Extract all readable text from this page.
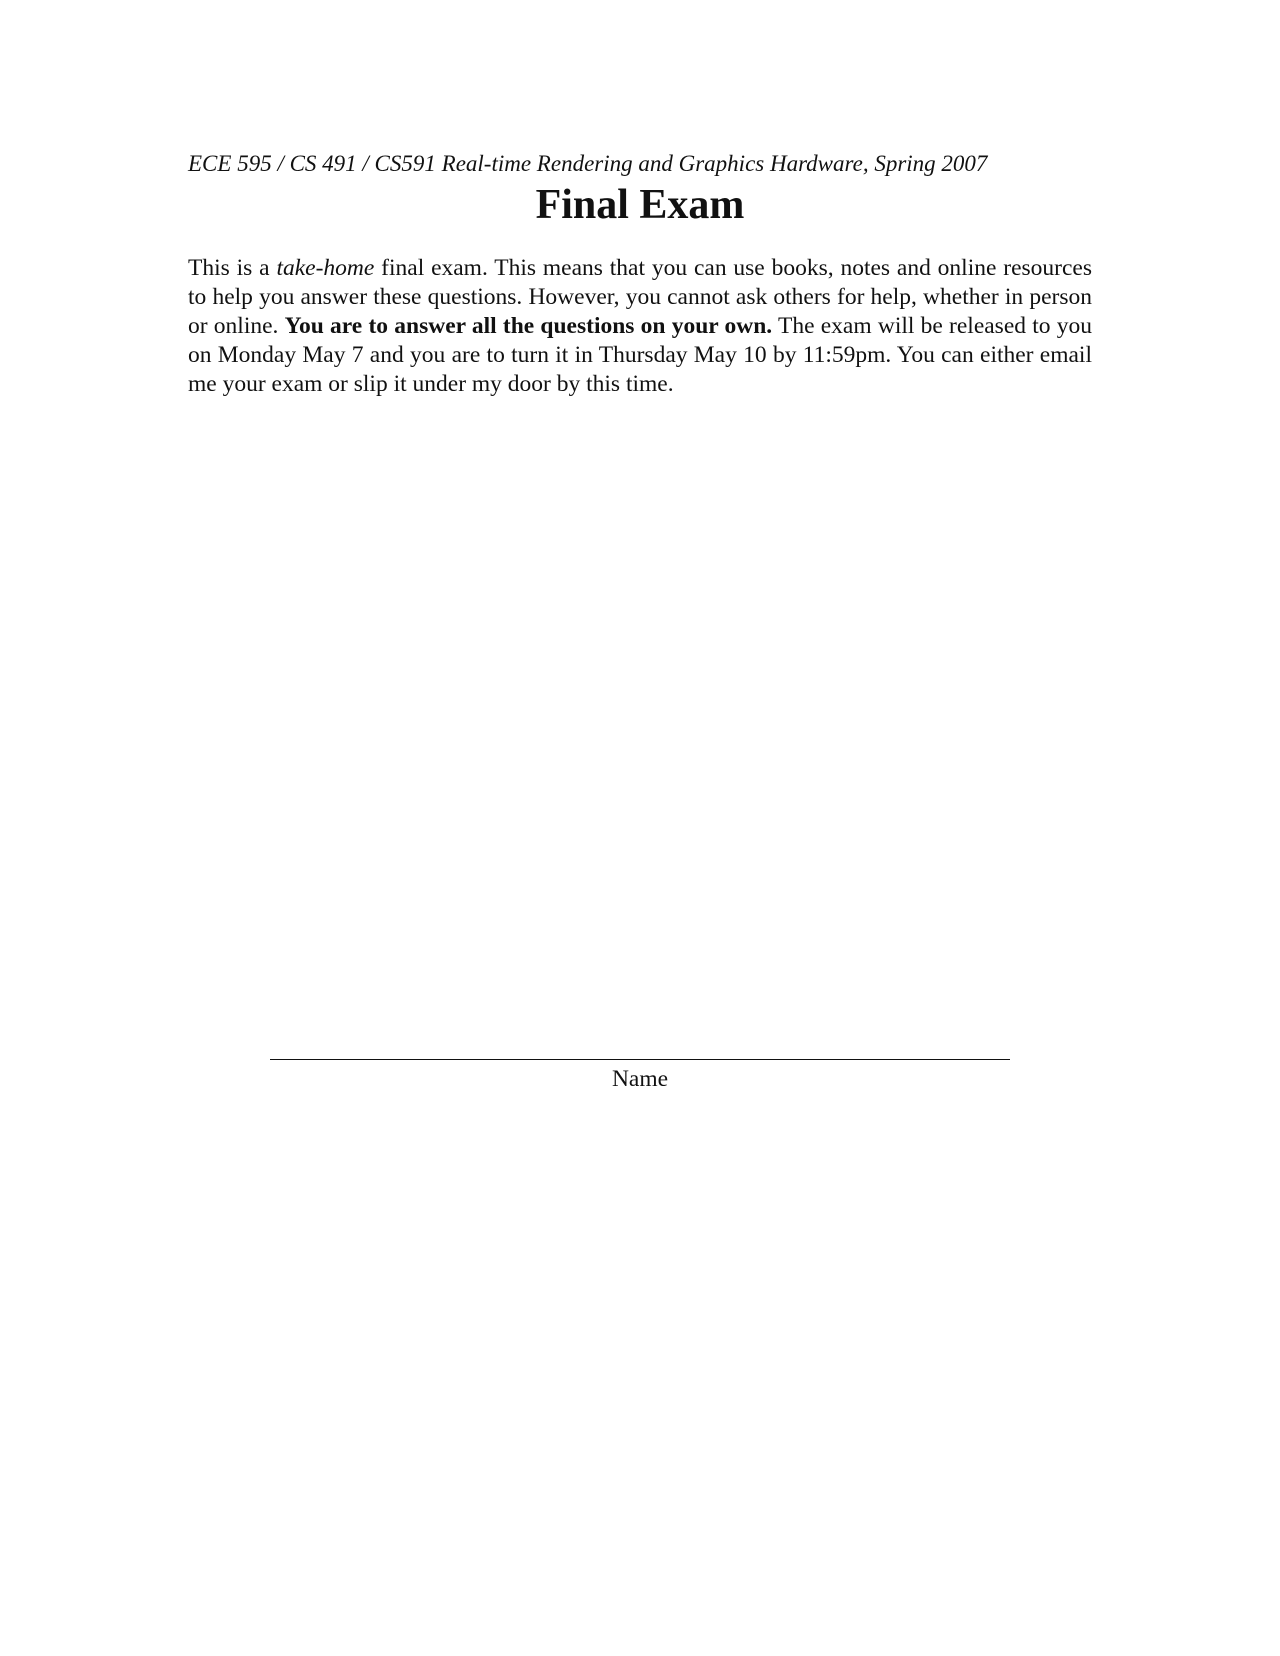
ECE 595 / CS 491 / CS591 Real-time Rendering and Graphics Hardware, Spring 2007
Final Exam

This is a take-home final exam. This means that you can use books, notes and online resources to help you answer these questions. However, you cannot ask others for help, whether in person or online. You are to answer all the questions on your own. The exam will be released to you on Monday May 7 and you are to turn it in Thursday May 10 by 11:59pm. You can either email me your exam or slip it under my door by this time.

Name
